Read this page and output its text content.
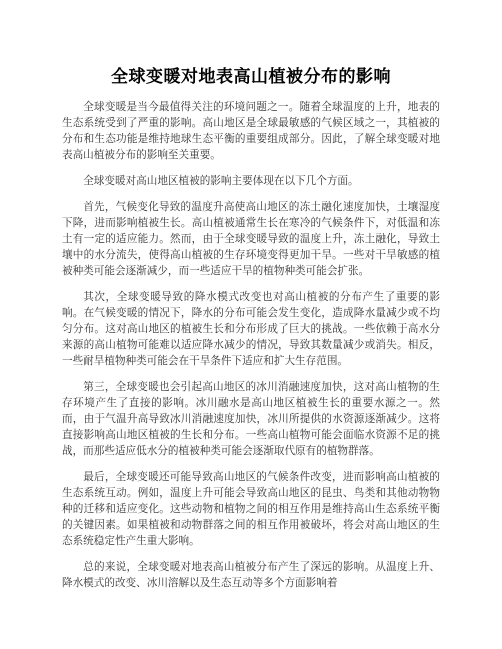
全球变暖对地表高山植被分布的影响

全球变暖是当今最值得关注的环境问题之一。随着全球温度的上升，地表的生态系统受到了严重的影响。高山地区是全球最敏感的气候区域之一，其植被的分布和生态功能是维持地球生态平衡的重要组成部分。因此，了解全球变暖对地表高山植被分布的影响至关重要。

全球变暖对高山地区植被的影响主要体现在以下几个方面。

首先，气候变化导致的温度升高使高山地区的冻土融化速度加快，土壤湿度下降，进而影响植被生长。高山植被通常生长在寒冷的气候条件下，对低温和冻土有一定的适应能力。然而，由于全球变暖导致的温度上升，冻土融化，导致土壤中的水分流失，使得高山植被的生存环境变得更加干旱。一些对干旱敏感的植被种类可能会逐渐减少，而一些适应干旱的植物种类可能会扩张。

其次，全球变暖导致的降水模式改变也对高山植被的分布产生了重要的影响。在气候变暖的情况下，降水的分布可能会发生变化，造成降水量减少或不均匀分布。这对高山地区的植被生长和分布形成了巨大的挑战。一些依赖于高水分来源的高山植物可能难以适应降水减少的情况，导致其数量减少或消失。相反，一些耐旱植物种类可能会在干旱条件下适应和扩大生存范围。

第三，全球变暖也会引起高山地区的冰川消融速度加快，这对高山植物的生存环境产生了直接的影响。冰川融水是高山地区植被生长的重要水源之一。然而，由于气温升高导致冰川消融速度加快，冰川所提供的水资源逐渐减少。这将直接影响高山地区植被的生长和分布。一些高山植物可能会面临水资源不足的挑战，而那些适应低水分的植被种类可能会逐渐取代原有的植物群落。

最后，全球变暖还可能导致高山地区的气候条件改变，进而影响高山植被的生态系统互动。例如，温度上升可能会导致高山地区的昆虫、鸟类和其他动物物种的迁移和适应变化。这些动物和植物之间的相互作用是维持高山生态系统平衡的关键因素。如果植被和动物群落之间的相互作用被破坏，将会对高山地区的生态系统稳定性产生重大影响。

总的来说，全球变暖对地表高山植被分布产生了深远的影响。从温度上升、降水模式的改变、冰川溶解以及生态互动等多个方面影响着
